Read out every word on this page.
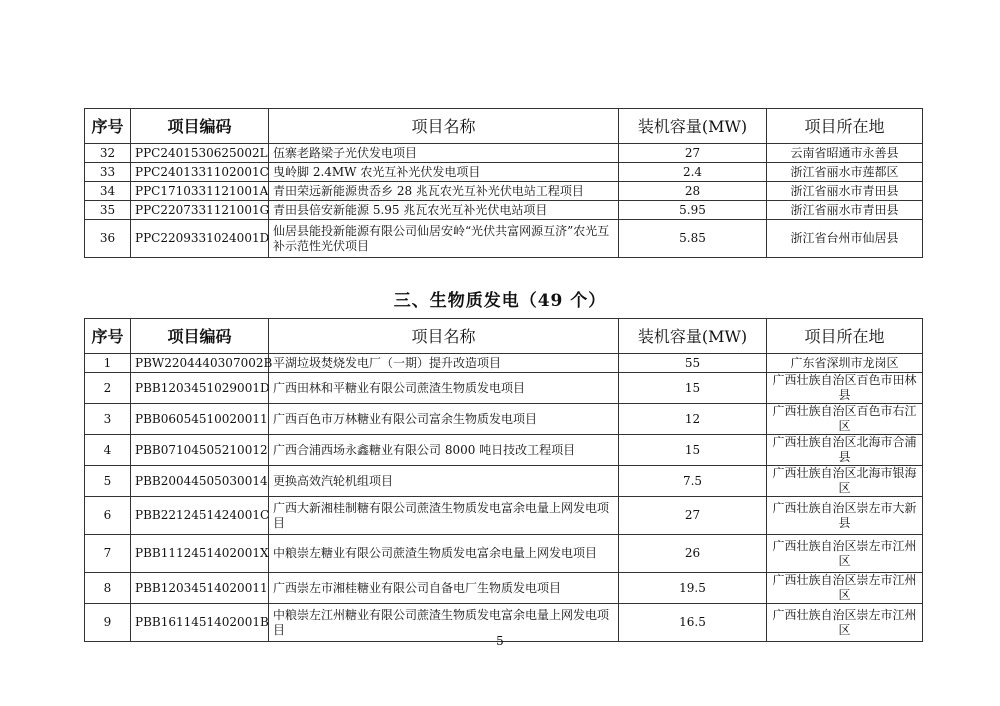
序号	项目编码	项目名称	装机容量(MW)	项目所在地
32	PPC2401530625002L	伍寨老路梁子光伏发电项目	27	云南省昭通市永善县
33	PPC2401331102001C	曳岭脚 2.4MW 农光互补光伏发电项目	2.4	浙江省丽水市莲都区
34	PPC1710331121001A	青田荣远新能源贵岙乡 28 兆瓦农光互补光伏电站工程项目	28	浙江省丽水市青田县
35	PPC2207331121001G	青田县倍安新能源 5.95 兆瓦农光互补光伏电站项目	5.95	浙江省丽水市青田县
36	PPC2209331024001D	仙居县能投新能源有限公司仙居安岭“光伏共富网源互济”农光互补示范性光伏项目	5.85	浙江省台州市仙居县
三、生物质发电（49 个）
序号	项目编码	项目名称	装机容量(MW)	项目所在地
1	PBW2204440307002B	平湖垃圾焚烧发电厂（一期）提升改造项目	55	广东省深圳市龙岗区
2	PBB1203451029001D	广西田林和平糖业有限公司蔗渣生物质发电项目	15	广西壮族自治区百色市田林县
3	PBB06054510020011	广西百色市万林糖业有限公司富余生物质发电项目	12	广西壮族自治区百色市右江区
4	PBB07104505210012	广西合浦西场永鑫糖业有限公司 8000 吨日技改工程项目	15	广西壮族自治区北海市合浦县
5	PBB20044505030014	更换高效汽轮机组项目	7.5	广西壮族自治区北海市银海区
6	PBB2212451424001C	广西大新湘桂制糖有限公司蔗渣生物质发电富余电量上网发电项目	27	广西壮族自治区崇左市大新县
7	PBB1112451402001X	中粮崇左糖业有限公司蔗渣生物质发电富余电量上网发电项目	26	广西壮族自治区崇左市江州区
8	PBB12034514020011	广西崇左市湘桂糖业有限公司自备电厂生物质发电项目	19.5	广西壮族自治区崇左市江州区
9	PBB1611451402001B	中粮崇左江州糖业有限公司蔗渣生物质发电富余电量上网发电项目	16.5	广西壮族自治区崇左市江州区
5
